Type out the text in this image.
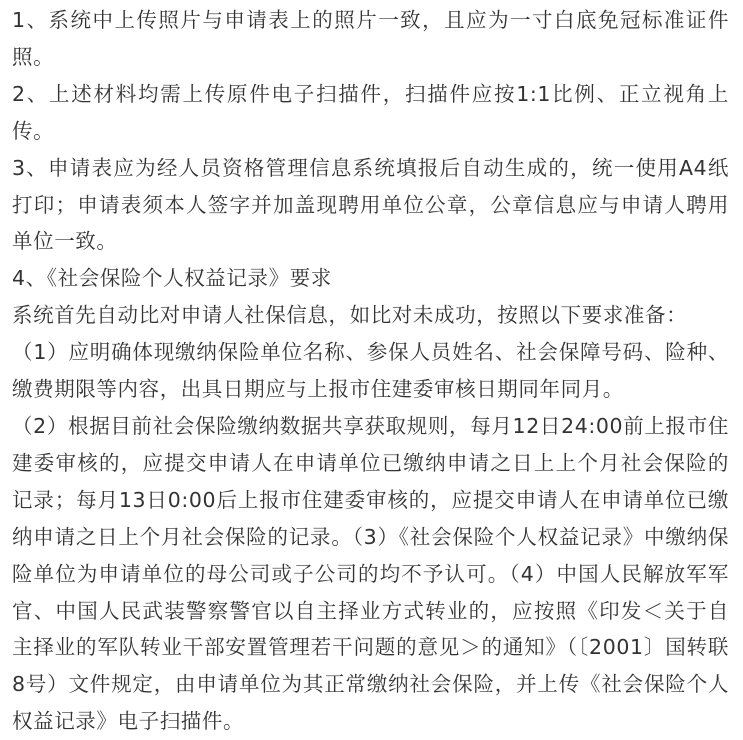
1、系统中上传照片与申请表上的照片一致，且应为一寸白底免冠标准证件照。

2、上述材料均需上传原件电子扫描件，扫描件应按1:1比例、正立视角上传。

3、申请表应为经人员资格管理信息系统填报后自动生成的，统一使用A4纸打印；申请表须本人签字并加盖现聘用单位公章，公章信息应与申请人聘用单位一致。

4、《社会保险个人权益记录》要求

系统首先自动比对申请人社保信息，如比对未成功，按照以下要求准备：

（1）应明确体现缴纳保险单位名称、参保人员姓名、社会保障号码、险种、缴费期限等内容，出具日期应与上报市住建委审核日期同年同月。

（2）根据目前社会保险缴纳数据共享获取规则，每月12日24:00前上报市住建委审核的，应提交申请人在申请单位已缴纳申请之日上上个月社会保险的记录；每月13日0:00后上报市住建委审核的，应提交申请人在申请单位已缴纳申请之日上个月社会保险的记录。（3）《社会保险个人权益记录》中缴纳保险单位为申请单位的母公司或子公司的均不予认可。（4）中国人民解放军军官、中国人民武装警察警官以自主择业方式转业的，应按照《印发＜关于自主择业的军队转业干部安置管理若干问题的意见＞的通知》（〔2001〕国转联8号）文件规定，由申请单位为其正常缴纳社会保险，并上传《社会保险个人权益记录》电子扫描件。
